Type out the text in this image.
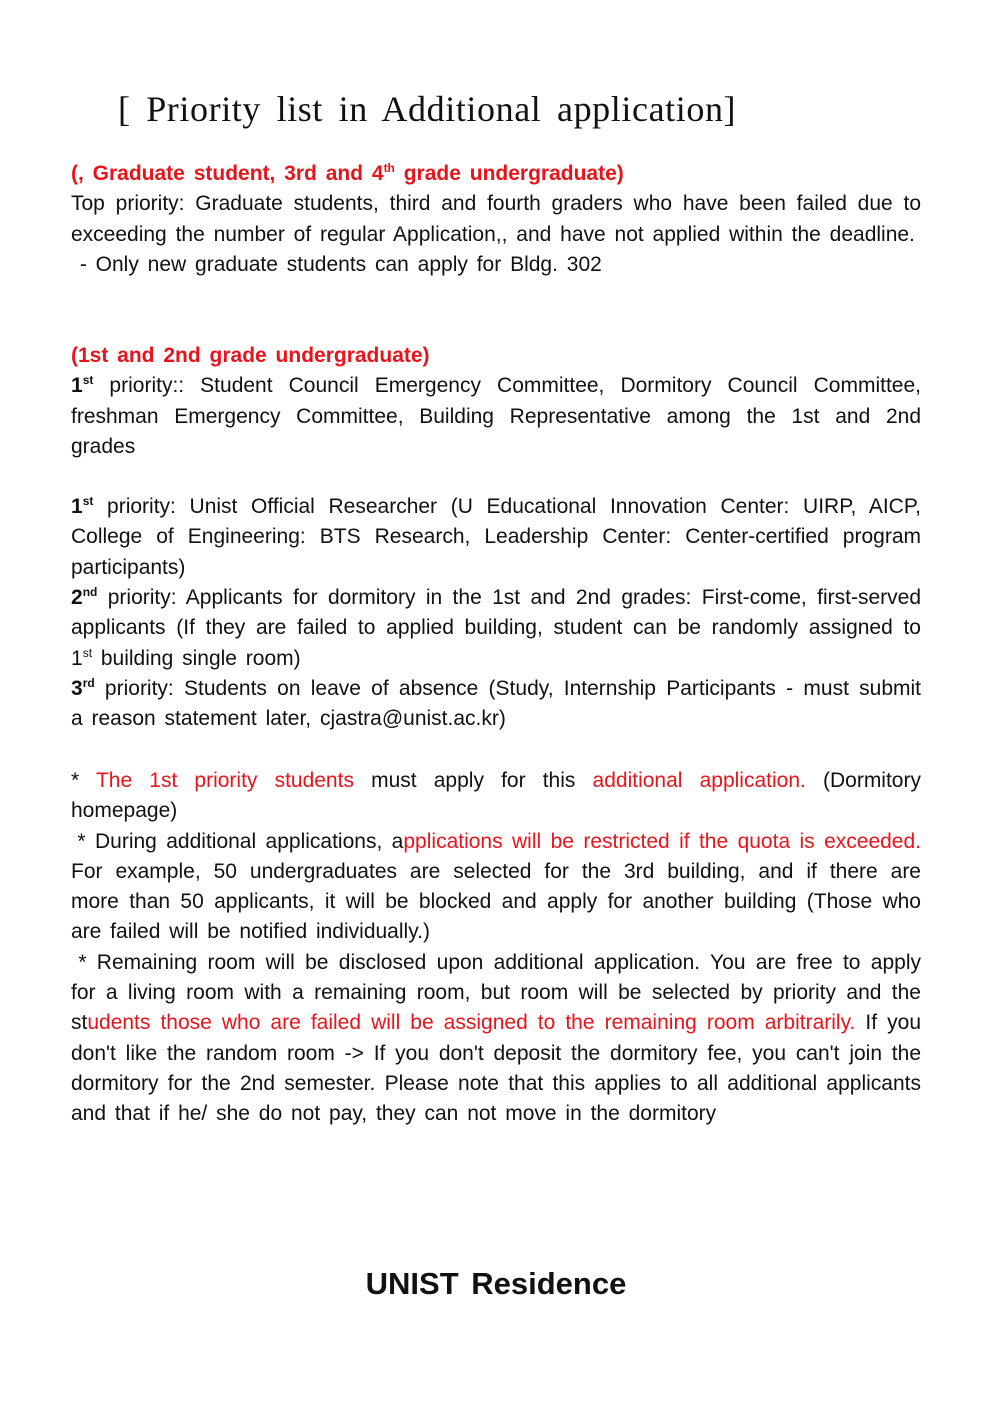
[ Priority list in Additional application]

(, Graduate student, 3rd and 4th grade undergraduate)

Top priority: Graduate students, third and fourth graders who have been failed due to exceeding the number of regular Application,, and have not applied within the deadline.

- Only new graduate students can apply for Bldg. 302

(1st and 2nd grade undergraduate)

1st priority:: Student Council Emergency Committee, Dormitory Council Committee, freshman Emergency Committee, Building Representative among the 1st and 2nd grades

1st priority: Unist Official Researcher (U Educational Innovation Center: UIRP, AICP, College of Engineering: BTS Research, Leadership Center: Center-certified program participants)

2nd priority: Applicants for dormitory in the 1st and 2nd grades: First-come, first-served applicants (If they are failed to applied building, student can be randomly assigned to 1st building single room)

3rd priority: Students on leave of absence (Study, Internship Participants - must submit a reason statement later, cjastra@unist.ac.kr)

* The 1st priority students must apply for this additional application. (Dormitory homepage)

* During additional applications, applications will be restricted if the quota is exceeded. For example, 50 undergraduates are selected for the 3rd building, and if there are more than 50 applicants, it will be blocked and apply for another building (Those who are failed will be notified individually.)

* Remaining room will be disclosed upon additional application. You are free to apply for a living room with a remaining room, but room will be selected by priority and the students those who are failed will be assigned to the remaining room arbitrarily. If you don't like the random room -> If you don't deposit the dormitory fee, you can't join the dormitory for the 2nd semester. Please note that this applies to all additional applicants and that if he/ she do not pay, they can not move in the dormitory

UNIST Residence
